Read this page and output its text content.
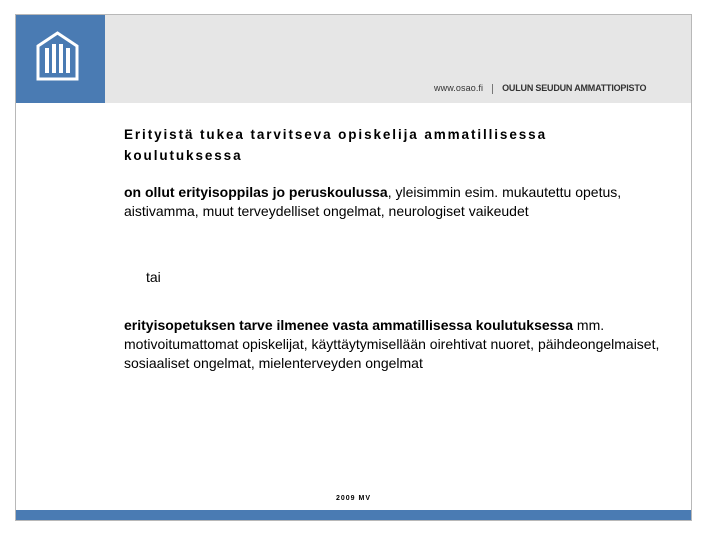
www.osao.fi OULUN SEUDUN AMMATTIOPISTO
Erityistä tukea tarvitseva opiskelija ammatillisessa koulutuksessa
on ollut erityisoppilas jo peruskoulussa, yleisimmin esim. mukautettu opetus, aistivamma, muut terveydelliset ongelmat, neurologiset vaikeudet
tai
erityisopetuksen tarve ilmenee vasta ammatillisessa koulutuksessa mm. motivoitumattomat opiskelijat, käyttäytymisellään oirehtivat nuoret, päihdeongelmaiset, sosiaaliset ongelmat, mielenterveyden ongelmat
2009 MV
